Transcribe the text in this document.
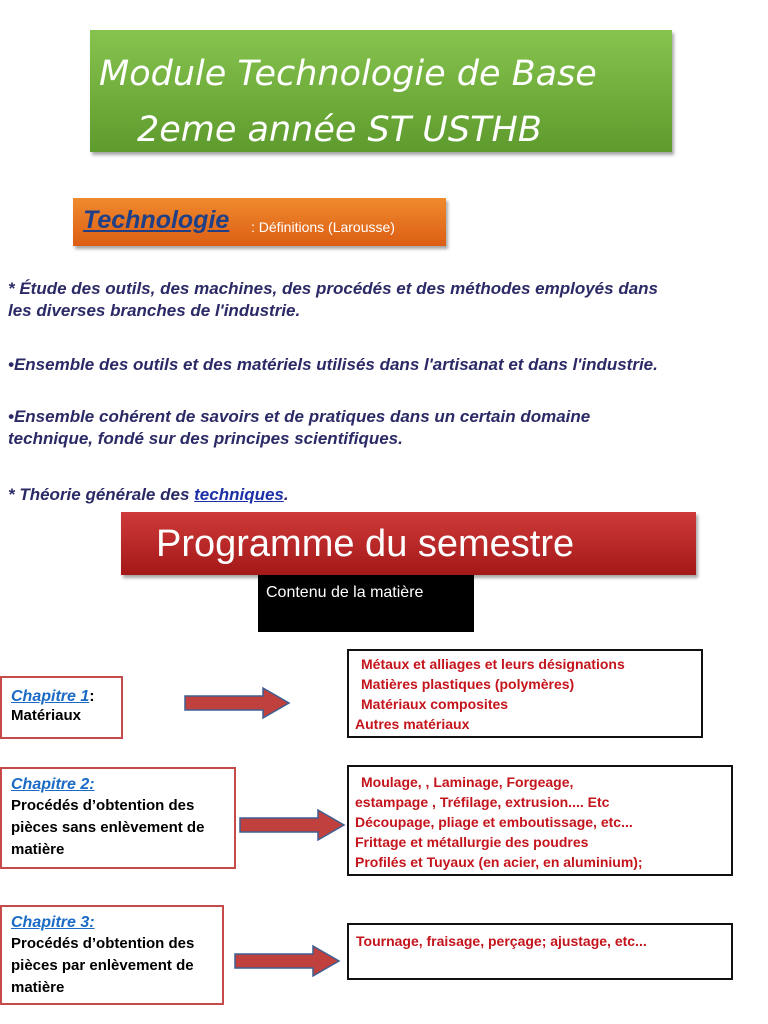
Module Technologie de Base
2eme année ST USTHB
Technologie : Définitions (Larousse)
* Étude des outils, des machines, des procédés et des méthodes employés dans
les diverses branches de l'industrie.
•Ensemble des outils et des matériels utilisés dans l'artisanat et dans l'industrie.
•Ensemble cohérent de savoirs et de pratiques dans un certain domaine
technique, fondé sur des principes scientifiques.
* Théorie générale des techniques.
Programme du semestre
Contenu de la matière
Chapitre 1:
Matériaux
Métaux et alliages et leurs désignations
Matières plastiques (polymères)
Matériaux composites
Autres matériaux
Chapitre 2:
Procédés d’obtention des
pièces sans enlèvement de
matière
Moulage, , Laminage, Forgeage,
estampage , Tréfilage, extrusion.... Etc
Découpage, pliage et emboutissage, etc...
Frittage et métallurgie des poudres
Profilés et Tuyaux (en acier, en aluminium);
Chapitre 3:
Procédés d’obtention des
pièces par enlèvement de
matière
Tournage, fraisage, perçage; ajustage, etc...
